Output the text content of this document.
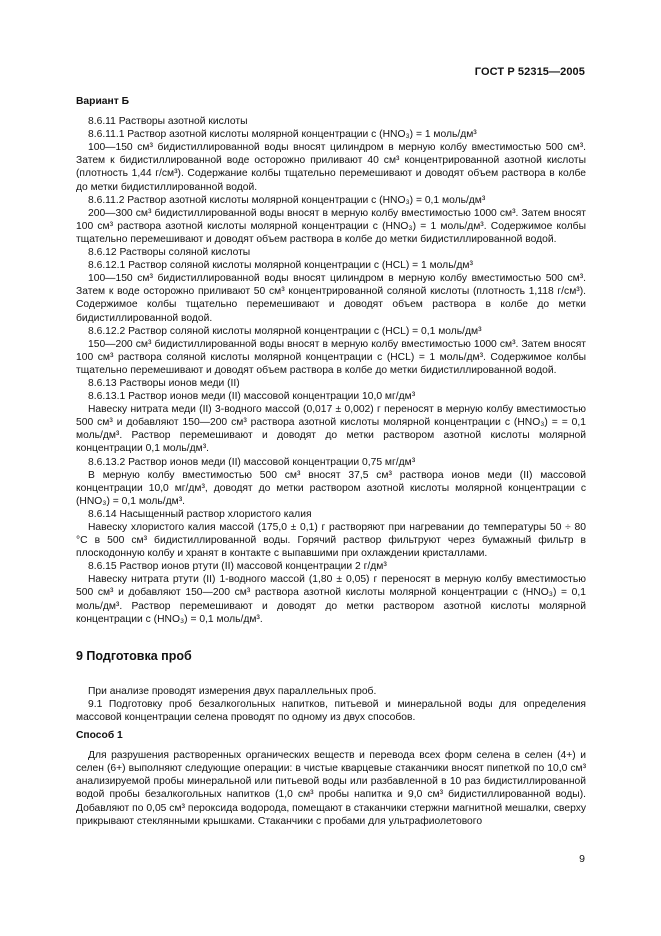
ГОСТ Р 52315—2005

Вариант Б

8.6.11 Растворы азотной кислоты

8.6.11.1 Раствор азотной кислоты молярной концентрации с (HNO₃) = 1 моль/дм³

100—150 см³ бидистиллированной воды вносят цилиндром в мерную колбу вместимостью 500 см³. Затем к бидистиллированной воде осторожно приливают 40 см³ концентрированной азотной кислоты (плотность 1,44 г/см³). Содержание колбы тщательно перемешивают и доводят объем раствора в колбе до метки бидистиллированной водой.

8.6.11.2 Раствор азотной кислоты молярной концентрации с (HNO₃) = 0,1 моль/дм³

200—300 см³ бидистиллированной воды вносят в мерную колбу вместимостью 1000 см³. Затем вносят 100 см³ раствора азотной кислоты молярной концентрации с (HNO₃) = 1 моль/дм³. Содержимое колбы тщательно перемешивают и доводят объем раствора в колбе до метки бидистиллированной водой.

8.6.12 Растворы соляной кислоты

8.6.12.1 Раствор соляной кислоты молярной концентрации с (HCL) = 1 моль/дм³

100—150 см³ бидистиллированной воды вносят цилиндром в мерную колбу вместимостью 500 см³. Затем к воде осторожно приливают 50 см³ концентрированной соляной кислоты (плотность 1,118 г/см³). Содержимое колбы тщательно перемешивают и доводят объем раствора в колбе до метки бидистиллированной водой.

8.6.12.2 Раствор соляной кислоты молярной концентрации с (HCL) = 0,1 моль/дм³

150—200 см³ бидистиллированной воды вносят в мерную колбу вместимостью 1000 см³. Затем вносят 100 см³ раствора соляной кислоты молярной концентрации с (HCL) = 1 моль/дм³. Содержимое колбы тщательно перемешивают и доводят объем раствора в колбе до метки бидистиллированной водой.

8.6.13 Растворы ионов меди (II)

8.6.13.1 Раствор ионов меди (II) массовой концентрации 10,0 мг/дм³

Навеску нитрата меди (II) 3-водного массой (0,017 ± 0,002) г переносят в мерную колбу вместимостью 500 см³ и добавляют 150—200 см³ раствора азотной кислоты молярной концентрации с (HNO₃) = = 0,1 моль/дм³. Раствор перемешивают и доводят до метки раствором азотной кислоты молярной концентрации 0,1 моль/дм³.

8.6.13.2 Раствор ионов меди (II) массовой концентрации 0,75 мг/дм³

В мерную колбу вместимостью 500 см³ вносят 37,5 см³ раствора ионов меди (II) массовой концентрации 10,0 мг/дм³, доводят до метки раствором азотной кислоты молярной концентрации с (HNO₃) = 0,1 моль/дм³.

8.6.14 Насыщенный раствор хлористого калия

Навеску хлористого калия массой (175,0 ± 0,1) г растворяют при нагревании до температуры 50 ÷ 80 °С в 500 см³ бидистиллированной воды. Горячий раствор фильтруют через бумажный фильтр в плоскодонную колбу и хранят в контакте с выпавшими при охлаждении кристаллами.

8.6.15 Раствор ионов ртути (II) массовой концентрации 2 г/дм³

Навеску нитрата ртути (II) 1-водного массой (1,80 ± 0,05) г переносят в мерную колбу вместимостью 500 см³ и добавляют 150—200 см³ раствора азотной кислоты молярной концентрации с (HNO₃) = 0,1 моль/дм³. Раствор перемешивают и доводят до метки раствором азотной кислоты молярной концентрации с (HNO₃) = 0,1 моль/дм³.

9 Подготовка проб

При анализе проводят измерения двух параллельных проб.

9.1 Подготовку проб безалкогольных напитков, питьевой и минеральной воды для определения массовой концентрации селена проводят по одному из двух способов.

Способ 1

Для разрушения растворенных органических веществ и перевода всех форм селена в селен (4+) и селен (6+) выполняют следующие операции: в чистые кварцевые стаканчики вносят пипеткой по 10,0 см³ анализируемой пробы минеральной или питьевой воды или разбавленной в 10 раз бидистиллированной водой пробы безалкогольных напитков (1,0 см³ пробы напитка и 9,0 см³ бидистиллированной воды). Добавляют по 0,05 см³ пероксида водорода, помещают в стаканчики стержни магнитной мешалки, сверху прикрывают стеклянными крышками. Стаканчики с пробами для ультрафиолетового

9
